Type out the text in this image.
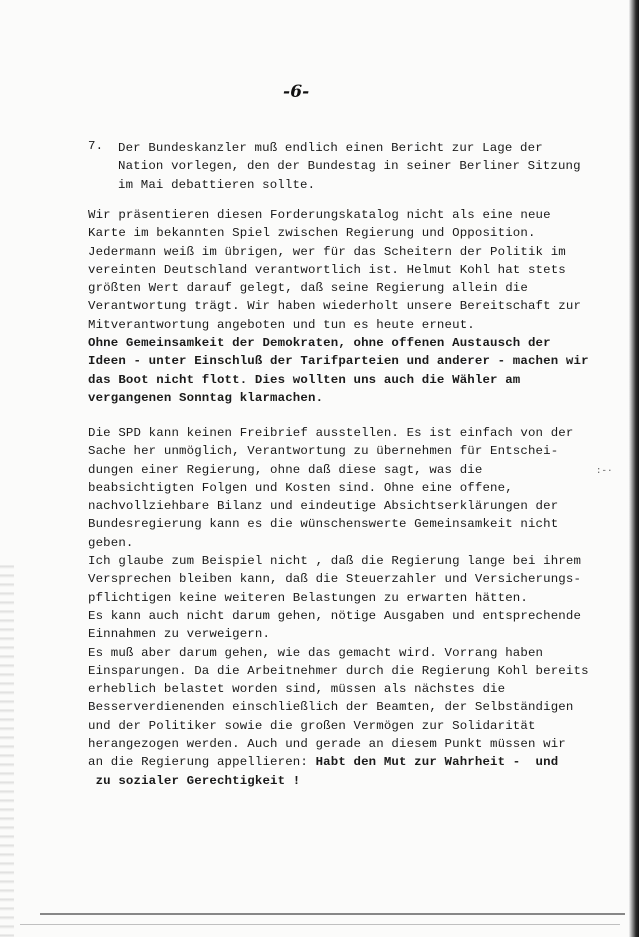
:‐·
-6-
7. Der Bundeskanzler muß endlich einen Bericht zur Lage der
Nation vorlegen, den der Bundestag in seiner Berliner Sitzung
im Mai debattieren sollte.
Wir präsentieren diesen Forderungskatalog nicht als eine neue
Karte im bekannten Spiel zwischen Regierung und Opposition.
Jedermann weiß im übrigen, wer für das Scheitern der Politik im
vereinten Deutschland verantwortlich ist. Helmut Kohl hat stets
größten Wert darauf gelegt, daß seine Regierung allein die
Verantwortung trägt. Wir haben wiederholt unsere Bereitschaft zur
Mitverantwortung angeboten und tun es heute erneut.
Ohne Gemeinsamkeit der Demokraten, ohne offenen Austausch der
Ideen - unter Einschluß der Tarifparteien und anderer - machen wir
das Boot nicht flott. Dies wollten uns auch die Wähler am
vergangenen Sonntag klarmachen.
Die SPD kann keinen Freibrief ausstellen. Es ist einfach von der
Sache her unmöglich, Verantwortung zu übernehmen für Entschei-
dungen einer Regierung, ohne daß diese sagt, was die
beabsichtigten Folgen und Kosten sind. Ohne eine offene,
nachvollziehbare Bilanz und eindeutige Absichtserklärungen der
Bundesregierung kann es die wünschenswerte Gemeinsamkeit nicht
geben.
Ich glaube zum Beispiel nicht , daß die Regierung lange bei ihrem
Versprechen bleiben kann, daß die Steuerzahler und Versicherungs-
pflichtigen keine weiteren Belastungen zu erwarten hätten.
Es kann auch nicht darum gehen, nötige Ausgaben und entsprechende
Einnahmen zu verweigern.
Es muß aber darum gehen, wie das gemacht wird. Vorrang haben
Einsparungen. Da die Arbeitnehmer durch die Regierung Kohl bereits
erheblich belastet worden sind, müssen als nächstes die
Besserverdienenden einschließlich der Beamten, der Selbständigen
und der Politiker sowie die großen Vermögen zur Solidarität
herangezogen werden. Auch und gerade an diesem Punkt müssen wir
an die Regierung appellieren: Habt den Mut zur Wahrheit -  und
zu sozialer Gerechtigkeit !
